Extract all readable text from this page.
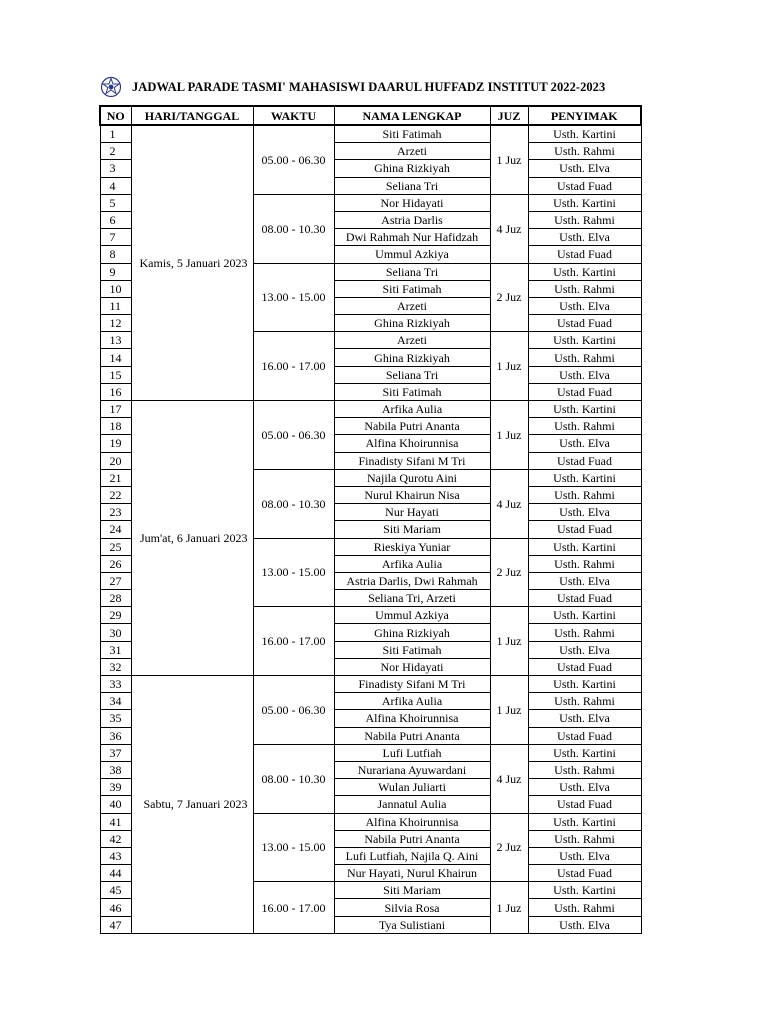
JADWAL PARADE TASMI' MAHASISWI DAARUL HUFFADZ INSTITUT 2022-2023
NO	HARI/TANGGAL	WAKTU	NAMA LENGKAP	JUZ	PENYIMAK
1	Kamis, 5 Januari 2023	05.00 - 06.30	Siti Fatimah	1 Juz	Usth. Kartini
2			Arzeti		Usth. Rahmi
3			Ghina Rizkiyah		Usth. Elva
4			Seliana Tri		Ustad Fuad
5		08.00 - 10.30	Nor Hidayati	4 Juz	Usth. Kartini
6			Astria Darlis		Usth. Rahmi
7			Dwi Rahmah Nur Hafidzah		Usth. Elva
8			Ummul Azkiya		Ustad Fuad
9		13.00 - 15.00	Seliana Tri	2 Juz	Usth. Kartini
10			Siti Fatimah		Usth. Rahmi
11			Arzeti		Usth. Elva
12			Ghina Rizkiyah		Ustad Fuad
13		16.00 - 17.00	Arzeti	1 Juz	Usth. Kartini
14			Ghina Rizkiyah		Usth. Rahmi
15			Seliana Tri		Usth. Elva
16			Siti Fatimah		Ustad Fuad
17	Jum'at, 6 Januari 2023	05.00 - 06.30	Arfika Aulia	1 Juz	Usth. Kartini
18			Nabila Putri Ananta		Usth. Rahmi
19			Alfina Khoirunnisa		Usth. Elva
20			Finadisty Sifani M Tri		Ustad Fuad
21		08.00 - 10.30	Najila Qurotu Aini	4 Juz	Usth. Kartini
22			Nurul Khairun Nisa		Usth. Rahmi
23			Nur Hayati		Usth. Elva
24			Siti Mariam		Ustad Fuad
25		13.00 - 15.00	Rieskiya Yuniar	2 Juz	Usth. Kartini
26			Arfika Aulia		Usth. Rahmi
27			Astria Darlis, Dwi Rahmah		Usth. Elva
28			Seliana Tri, Arzeti		Ustad Fuad
29		16.00 - 17.00	Ummul Azkiya	1 Juz	Usth. Kartini
30			Ghina Rizkiyah		Usth. Rahmi
31			Siti Fatimah		Usth. Elva
32			Nor Hidayati		Ustad Fuad
33	Sabtu, 7 Januari 2023	05.00 - 06.30	Finadisty Sifani M Tri	1 Juz	Usth. Kartini
34			Arfika Aulia		Usth. Rahmi
35			Alfina Khoirunnisa		Usth. Elva
36			Nabila Putri Ananta		Ustad Fuad
37		08.00 - 10.30	Lufi Lutfiah	4 Juz	Usth. Kartini
38			Nurariana Ayuwardani		Usth. Rahmi
39			Wulan Juliarti		Usth. Elva
40			Jannatul Aulia		Ustad Fuad
41		13.00 - 15.00	Alfina Khoirunnisa	2 Juz	Usth. Kartini
42			Nabila Putri Ananta		Usth. Rahmi
43			Lufi Lutfiah, Najila Q. Aini		Usth. Elva
44			Nur Hayati, Nurul Khairun		Ustad Fuad
45		16.00 - 17.00	Siti Mariam	1 Juz	Usth. Kartini
46			Silvia Rosa		Usth. Rahmi
47			Tya Sulistiani		Usth. Elva
